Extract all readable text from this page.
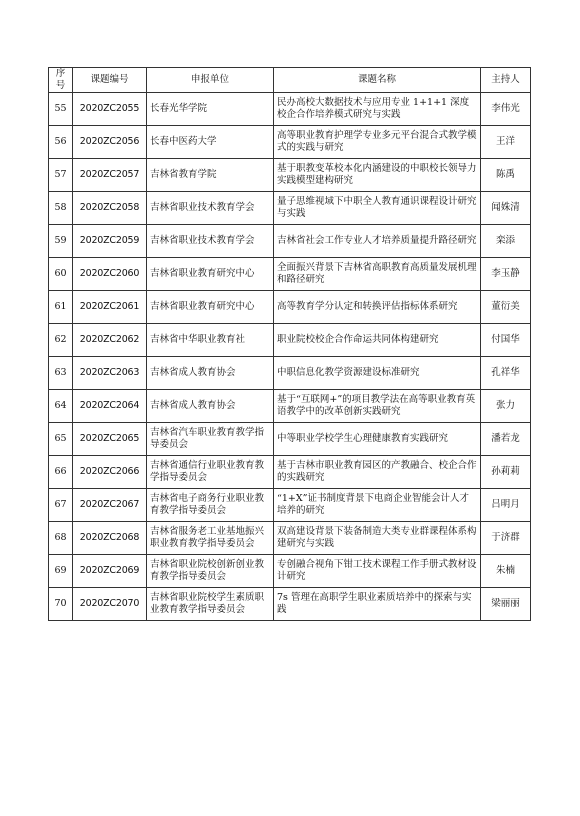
序号	课题编号	申报单位	课题名称	主持人
55	2020ZC2055	长春光华学院	民办高校大数据技术与应用专业 1+1+1 深度校企合作培养模式研究与实践	李伟光
56	2020ZC2056	长春中医药大学	高等职业教育护理学专业多元平台混合式教学模式的实践与研究	王洋
57	2020ZC2057	吉林省教育学院	基于职教变革校本化内涵建设的中职校长领导力实践模型建构研究	陈禹
58	2020ZC2058	吉林省职业技术教育学会	量子思维视域下中职全人教育通识课程设计研究与实践	闻姝清
59	2020ZC2059	吉林省职业技术教育学会	吉林省社会工作专业人才培养质量提升路径研究	栾添
60	2020ZC2060	吉林省职业教育研究中心	全面振兴背景下吉林省高职教育高质量发展机理和路径研究	李玉静
61	2020ZC2061	吉林省职业教育研究中心	高等教育学分认定和转换评估指标体系研究	董衍美
62	2020ZC2062	吉林省中华职业教育社	职业院校校企合作命运共同体构建研究	付国华
63	2020ZC2063	吉林省成人教育协会	中职信息化教学资源建设标准研究	孔祥华
64	2020ZC2064	吉林省成人教育协会	基于“互联网+”的项目教学法在高等职业教育英语教学中的改革创新实践研究	张力
65	2020ZC2065	吉林省汽车职业教育教学指导委员会	中等职业学校学生心理健康教育实践研究	潘若龙
66	2020ZC2066	吉林省通信行业职业教育教学指导委员会	基于吉林市职业教育园区的产教融合、校企合作的实践研究	孙莉莉
67	2020ZC2067	吉林省电子商务行业职业教育教学指导委员会	“1+X”证书制度背景下电商企业智能会计人才培养的研究	吕明月
68	2020ZC2068	吉林省服务老工业基地振兴职业教育教学指导委员会	双高建设背景下装备制造大类专业群课程体系构建研究与实践	于济群
69	2020ZC2069	吉林省职业院校创新创业教育教学指导委员会	专创融合视角下钳工技术课程工作手册式教材设计研究	朱楠
70	2020ZC2070	吉林省职业院校学生素质职业教育教学指导委员会	7s 管理在高职学生职业素质培养中的探索与实践	梁丽丽
